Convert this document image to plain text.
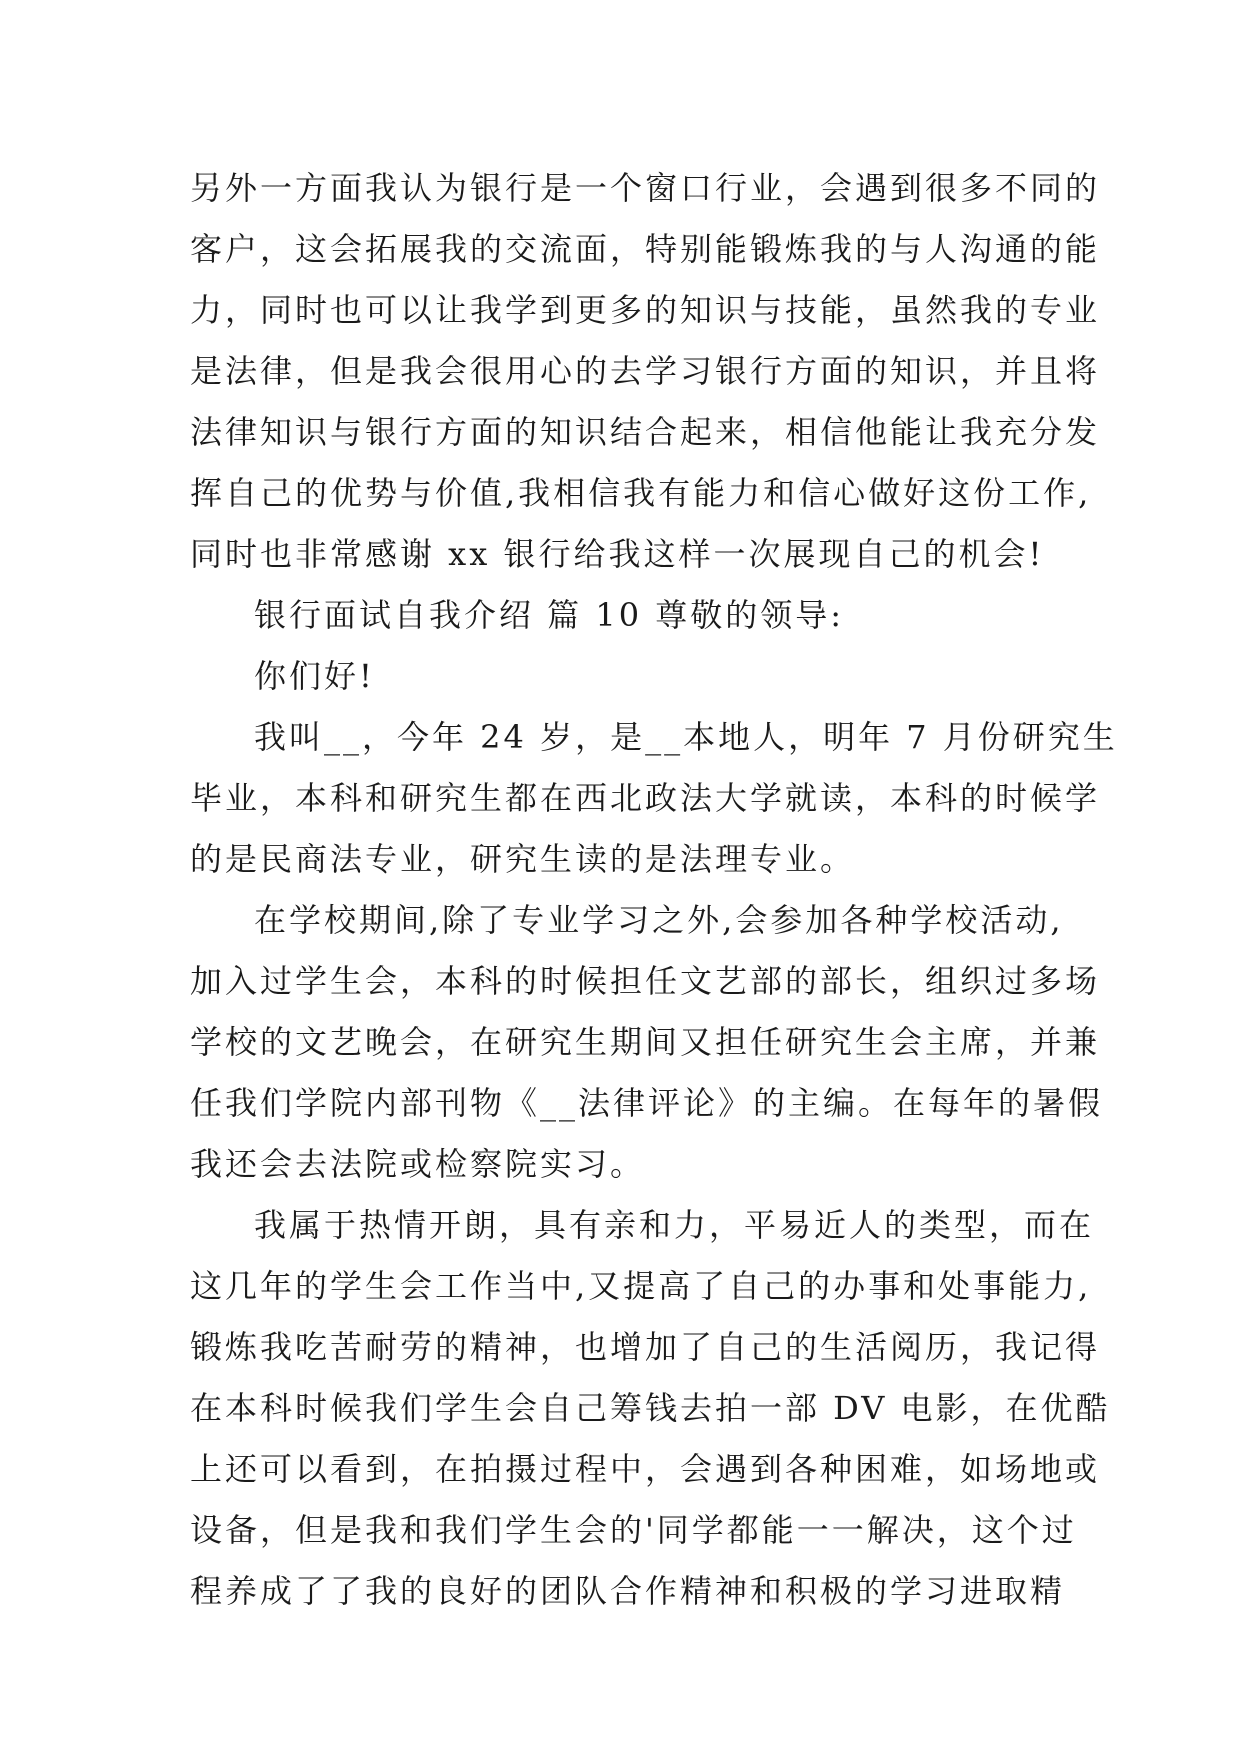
另外一方面我认为银行是一个窗口行业，会遇到很多不同的
客户，这会拓展我的交流面，特别能锻炼我的与人沟通的能
力，同时也可以让我学到更多的知识与技能，虽然我的专业
是法律，但是我会很用心的去学习银行方面的知识，并且将
法律知识与银行方面的知识结合起来，相信他能让我充分发
挥自己的优势与价值,我相信我有能力和信心做好这份工作,
同时也非常感谢 xx 银行给我这样一次展现自己的机会!

银行面试自我介绍 篇 10 尊敬的领导:

你们好!

我叫__，今年 24 岁，是__本地人，明年 7 月份研究生
毕业，本科和研究生都在西北政法大学就读，本科的时候学
的是民商法专业，研究生读的是法理专业。

在学校期间,除了专业学习之外,会参加各种学校活动,
加入过学生会，本科的时候担任文艺部的部长，组织过多场
学校的文艺晚会，在研究生期间又担任研究生会主席，并兼
任我们学院内部刊物《__法律评论》的主编。在每年的暑假
我还会去法院或检察院实习。

我属于热情开朗，具有亲和力，平易近人的类型，而在
这几年的学生会工作当中,又提高了自己的办事和处事能力,
锻炼我吃苦耐劳的精神，也增加了自己的生活阅历，我记得
在本科时候我们学生会自己筹钱去拍一部 DV 电影，在优酷
上还可以看到，在拍摄过程中，会遇到各种困难，如场地或
设备，但是我和我们学生会的'同学都能一一解决，这个过
程养成了了我的良好的团队合作精神和积极的学习进取精
